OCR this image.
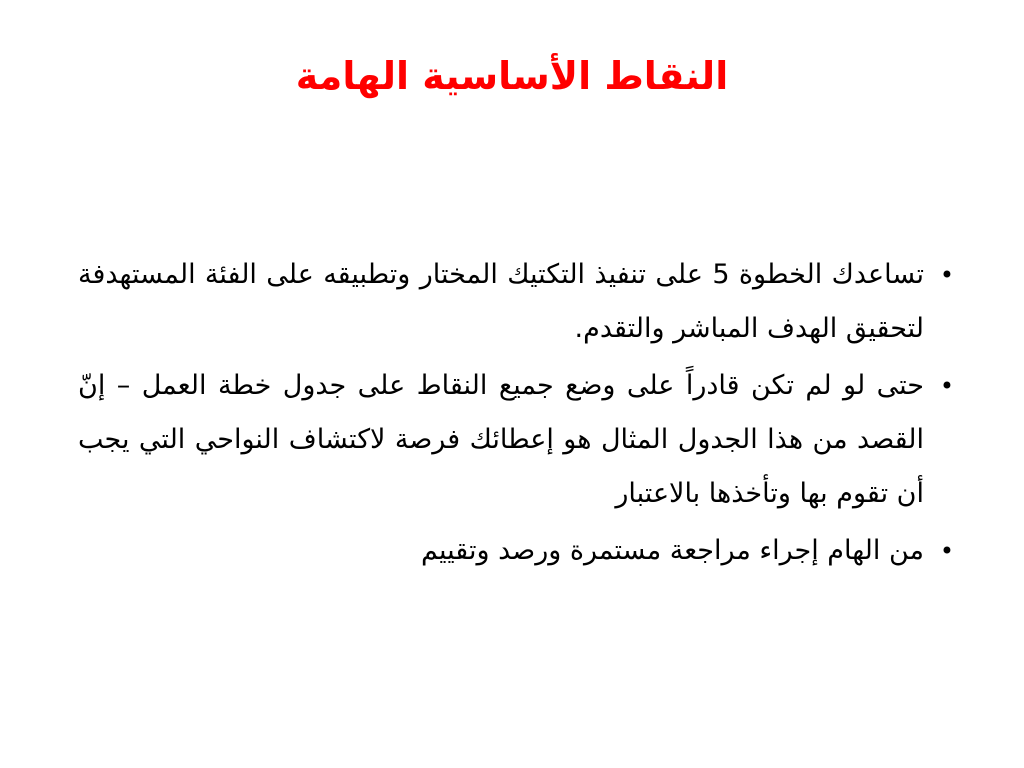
النقاط الأساسية الهامة
•
تساعدك الخطوة 5 على تنفيذ التكتيك المختار وتطبيقه على الفئة المستهدفة لتحقيق الهدف المباشر والتقدم.
•
حتى لو لم تكن قادراً على وضع جميع النقاط على جدول خطة العمل – إنّ القصد من هذا الجدول المثال هو إعطائك فرصة لاكتشاف النواحي التي يجب أن تقوم بها وتأخذها بالاعتبار
•
من الهام إجراء مراجعة مستمرة ورصد وتقييم
